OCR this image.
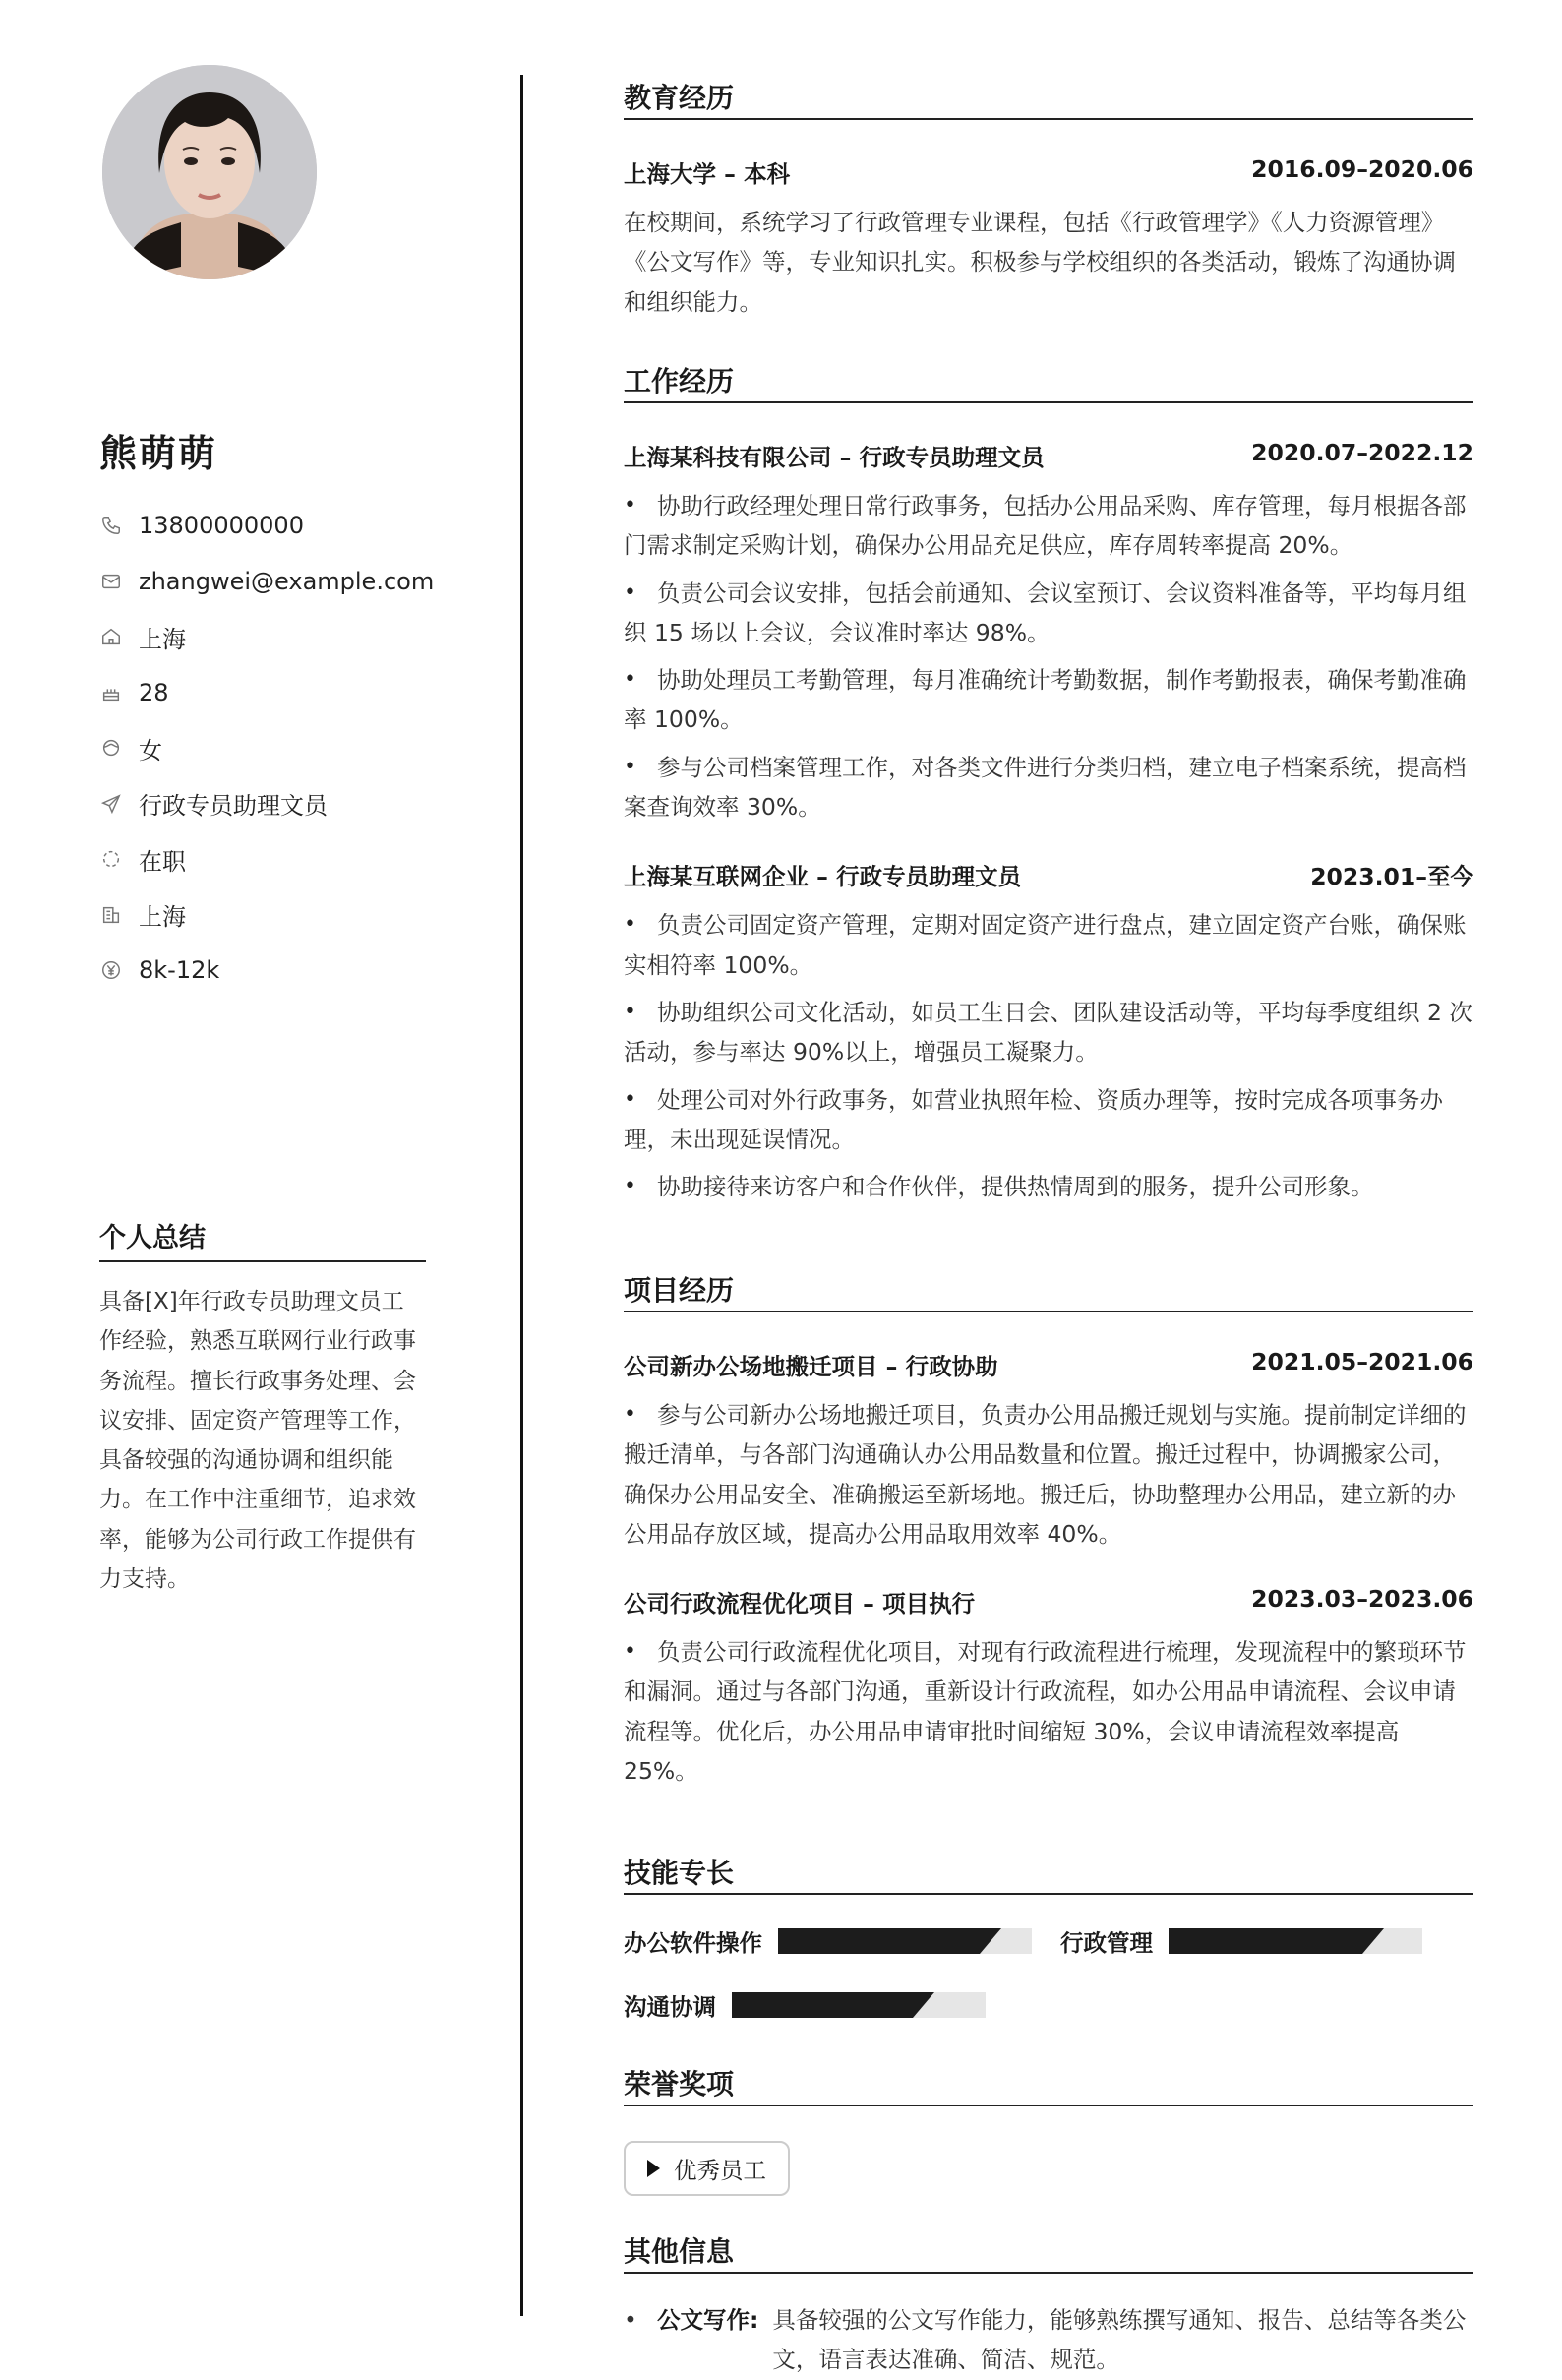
熊萌萌
13800000000
zhangwei@example.com
上海
28
女
行政专员助理文员
在职
上海
8k-12k
个人总结

具备[X]年行政专员助理文员工作经验，熟悉互联网行业行政事务流程。擅长行政事务处理、会议安排、固定资产管理等工作，具备较强的沟通协调和组织能力。在工作中注重细节，追求效率，能够为公司行政工作提供有力支持。

教育经历
上海大学 – 本科	2016.09–2020.06

在校期间，系统学习了行政管理专业课程，包括《行政管理学》《人力资源管理》《公文写作》等，专业知识扎实。积极参与学校组织的各类活动，锻炼了沟通协调和组织能力。

工作经历
上海某科技有限公司 – 行政专员助理文员	2020.07–2022.12

• 协助行政经理处理日常行政事务，包括办公用品采购、库存管理，每月根据各部门需求制定采购计划，确保办公用品充足供应，库存周转率提高 20%。

• 负责公司会议安排，包括会前通知、会议室预订、会议资料准备等，平均每月组织 15 场以上会议，会议准时率达 98%。

• 协助处理员工考勤管理，每月准确统计考勤数据，制作考勤报表，确保考勤准确率 100%。

• 参与公司档案管理工作，对各类文件进行分类归档，建立电子档案系统，提高档案查询效率 30%。

上海某互联网企业 – 行政专员助理文员	2023.01–至今

• 负责公司固定资产管理，定期对固定资产进行盘点，建立固定资产台账，确保账实相符率 100%。

• 协助组织公司文化活动，如员工生日会、团队建设活动等，平均每季度组织 2 次活动，参与率达 90%以上，增强员工凝聚力。

• 处理公司对外行政事务，如营业执照年检、资质办理等，按时完成各项事务办理，未出现延误情况。

• 协助接待来访客户和合作伙伴，提供热情周到的服务，提升公司形象。

项目经历
公司新办公场地搬迁项目 – 行政协助	2021.05–2021.06

• 参与公司新办公场地搬迁项目，负责办公用品搬迁规划与实施。提前制定详细的搬迁清单，与各部门沟通确认办公用品数量和位置。搬迁过程中，协调搬家公司，确保办公用品安全、准确搬运至新场地。搬迁后，协助整理办公用品，建立新的办公用品存放区域，提高办公用品取用效率 40%。

公司行政流程优化项目 – 项目执行	2023.03–2023.06

• 负责公司行政流程优化项目，对现有行政流程进行梳理，发现流程中的繁琐环节和漏洞。通过与各部门沟通，重新设计行政流程，如办公用品申请流程、会议申请流程等。优化后，办公用品申请审批时间缩短 30%，会议申请流程效率提高 25%。

技能专长
办公软件操作	行政管理
沟通协调
荣誉奖项
优秀员工
其他信息
• 公文写作: 具备较强的公文写作能力，能够熟练撰写通知、报告、总结等各类公文，语言表达准确、简洁、规范。
